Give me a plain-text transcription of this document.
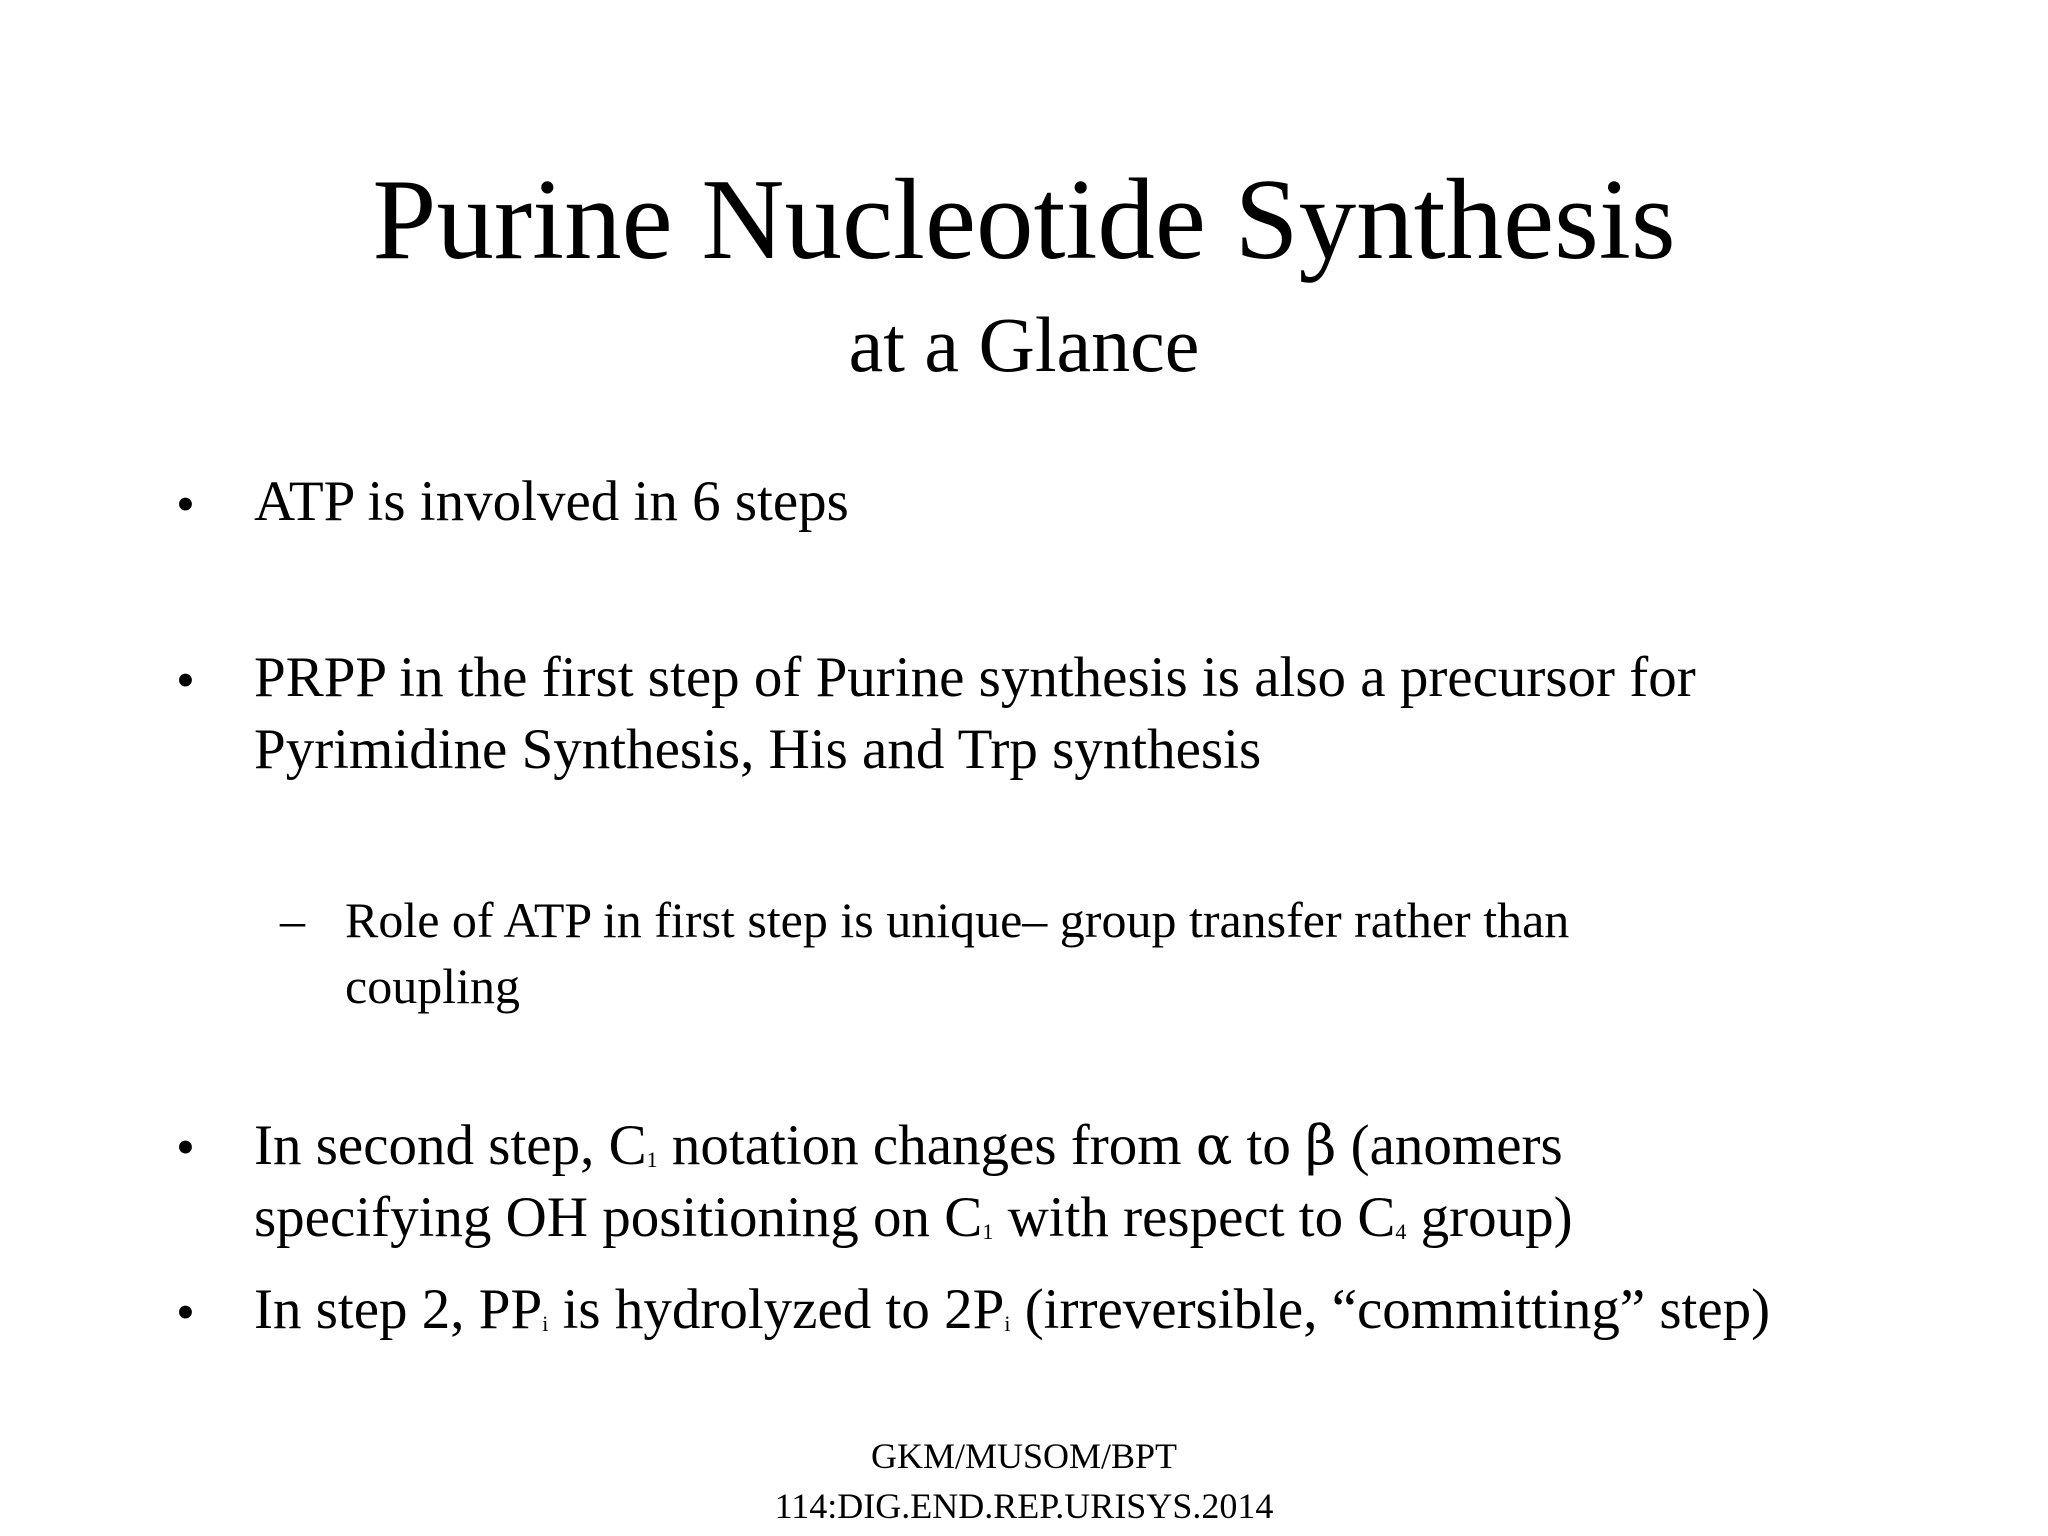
Purine Nucleotide Synthesis
at a Glance
• ATP is involved in 6 steps
• PRPP in the first step of Purine synthesis is also a precursor for
Pyrimidine Synthesis, His and Trp synthesis
– Role of ATP in first step is unique– group transfer rather than
coupling
• In second step, C1 notation changes from α to β (anomers
specifying OH positioning on C1 with respect to C4 group)
• In step 2, PPi is hydrolyzed to 2Pi (irreversible, “committing” step)
GKM/MUSOM/BPT
114:DIG.END.REP.URISYS.2014
